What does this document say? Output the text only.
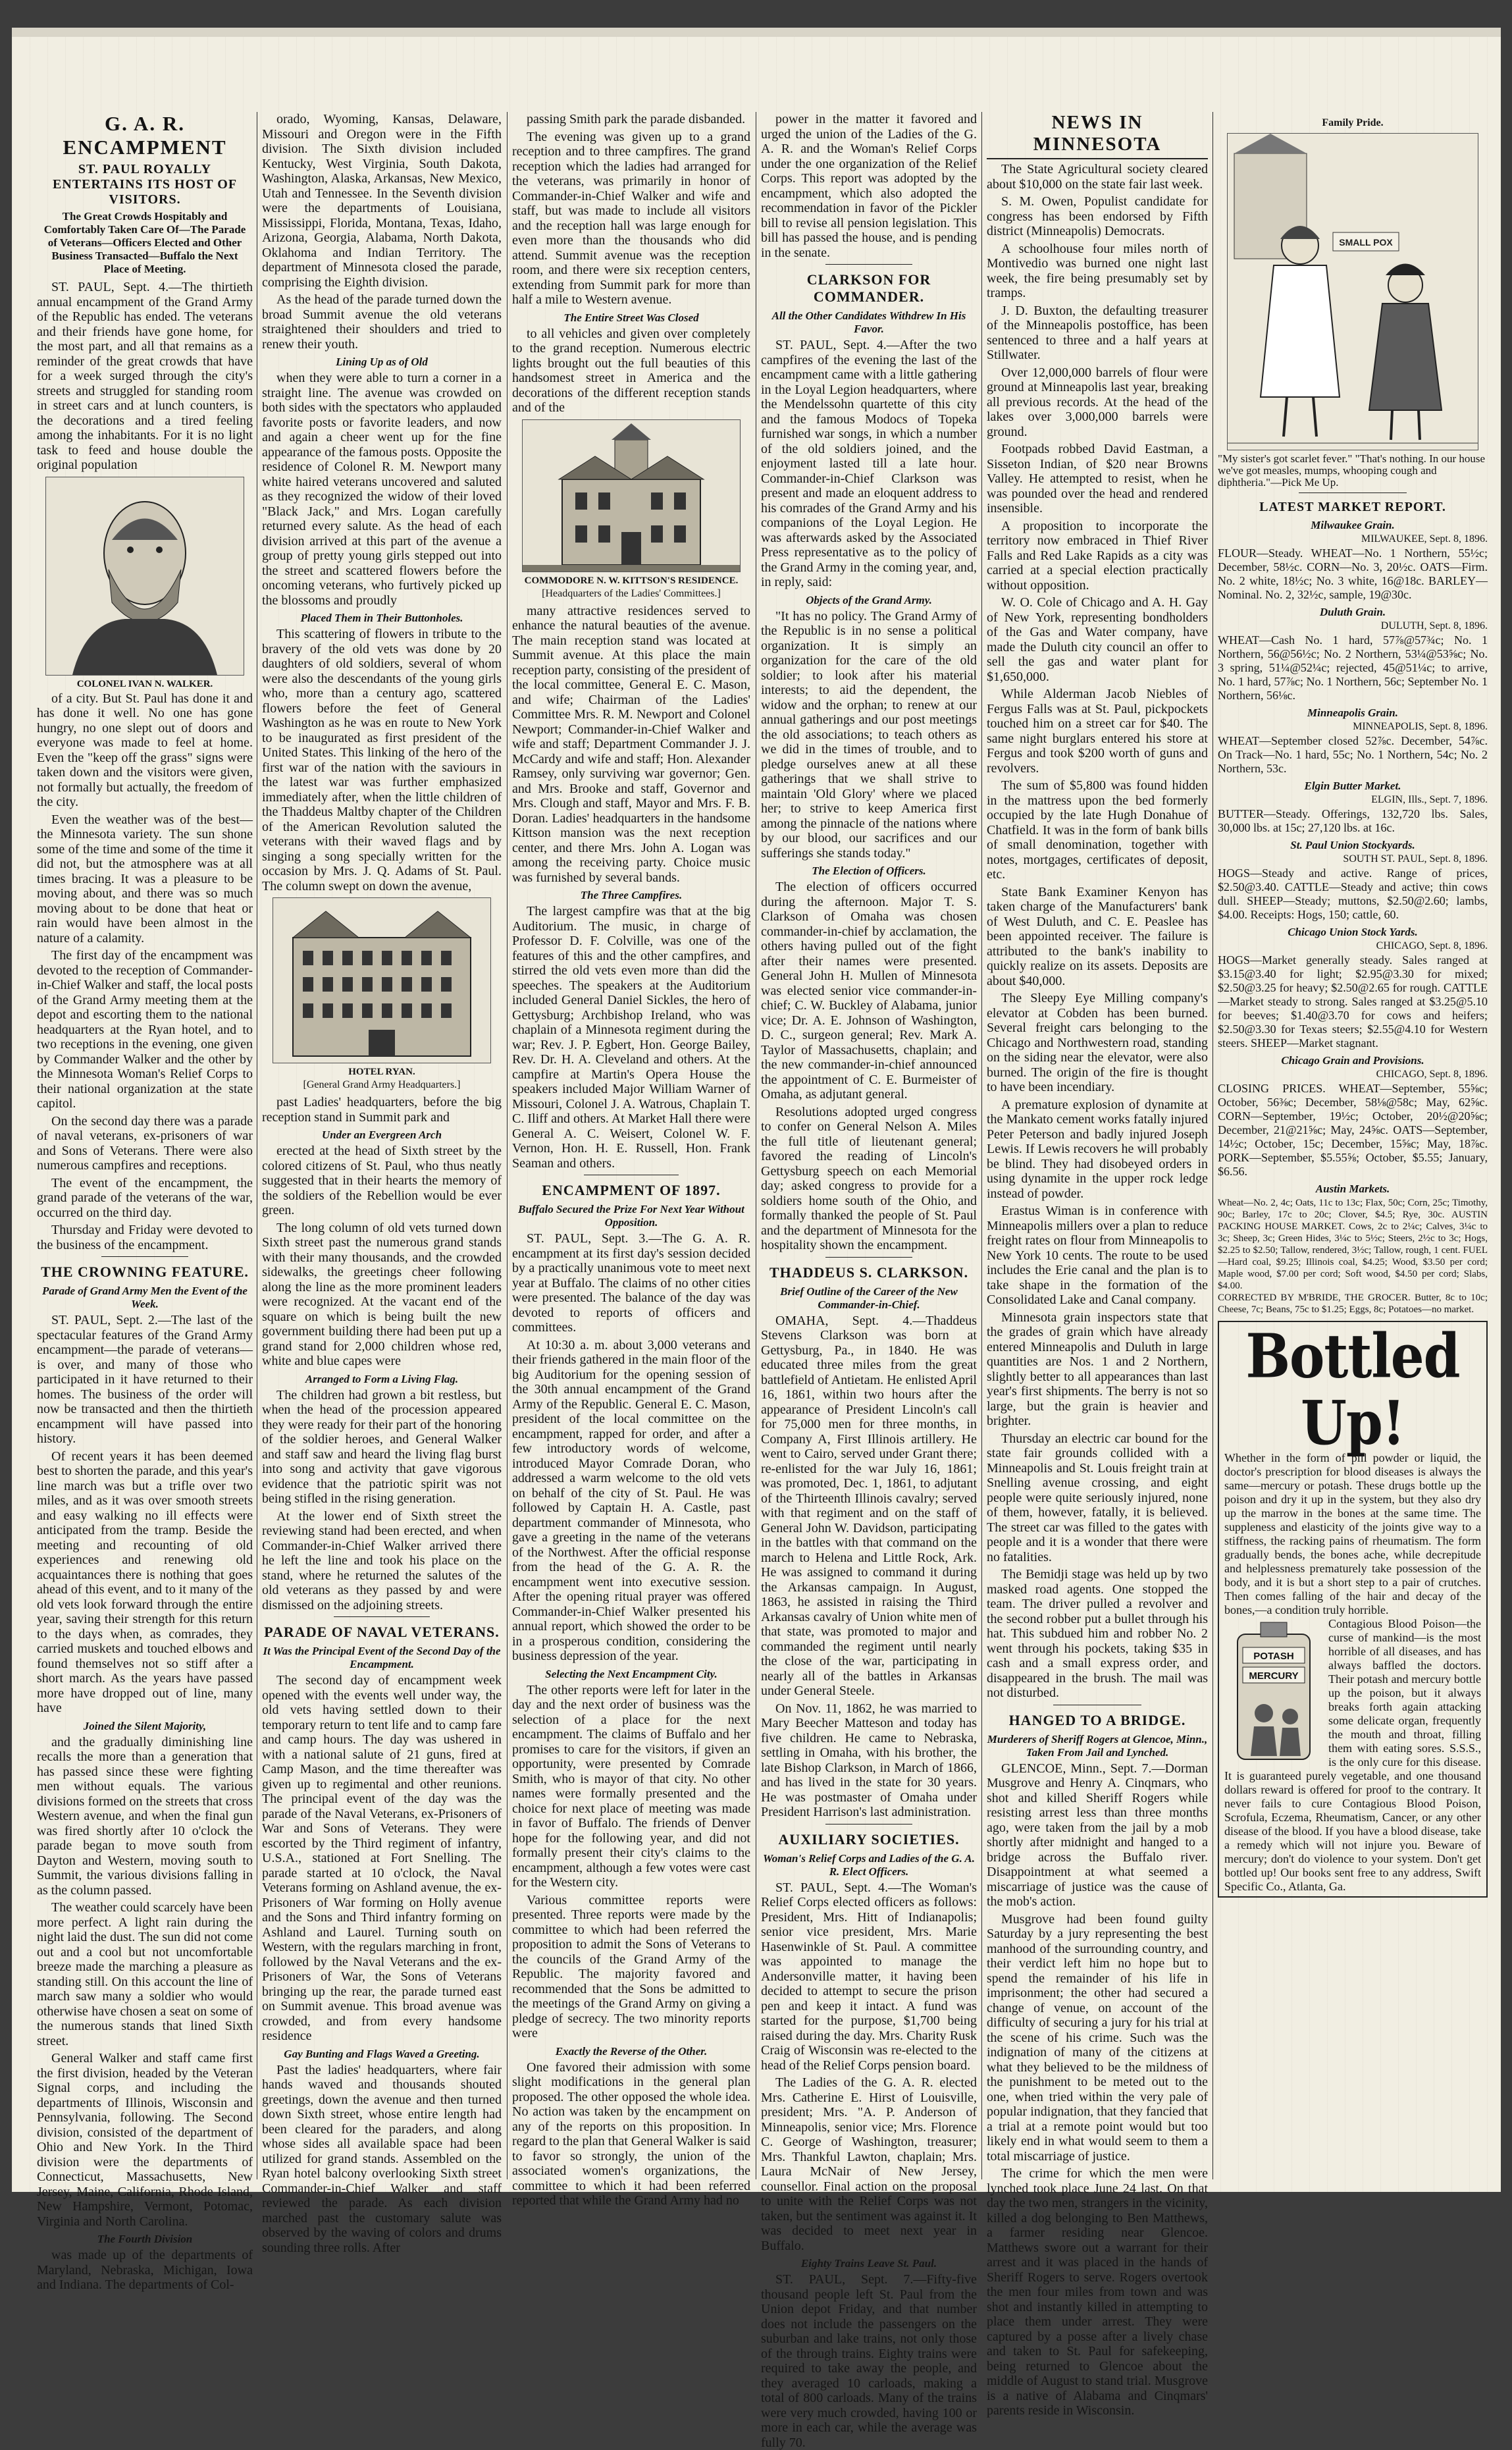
G. A. R. ENCAMPMENT
ST. PAUL ROYALLY ENTERTAINS ITS HOST OF VISITORS.
The Great Crowds Hospitably and Comfortably Taken Care Of—The Parade of Veterans—Officers Elected and Other Business Transacted—Buffalo the Next Place of Meeting.

ST. PAUL, Sept. 4.—The thirtieth annual encampment of the Grand Army of the Republic has ended. The veterans and their friends have gone home, for the most part, and all that remains as a reminder of the great crowds that have for a week surged through the city's streets and struggled for standing room in street cars and at lunch counters, is the decorations and a tired feeling among the inhabitants. For it is no light task to feed and house double the original population

COLONEL IVAN N. WALKER.

of a city. But St. Paul has done it and has done it well. No one has gone hungry, no one slept out of doors and everyone was made to feel at home. Even the "keep off the grass" signs were taken down and the visitors were given, not formally but actually, the freedom of the city.

Even the weather was of the best—the Minnesota variety. The sun shone some of the time and some of the time it did not, but the atmosphere was at all times bracing. It was a pleasure to be moving about, and there was so much moving about to be done that heat or rain would have been almost in the nature of a calamity.

The first day of the encampment was devoted to the reception of Commander-in-Chief Walker and staff, the local posts of the Grand Army meeting them at the depot and escorting them to the national headquarters at the Ryan hotel, and to two receptions in the evening, one given by Commander Walker and the other by the Minnesota Woman's Relief Corps to their national organization at the state capitol.

On the second day there was a parade of naval veterans, ex-prisoners of war and Sons of Veterans. There were also numerous campfires and receptions.

The event of the encampment, the grand parade of the veterans of the war, occurred on the third day.

Thursday and Friday were devoted to the business of the encampment.

THE CROWNING FEATURE.
Parade of Grand Army Men the Event of the Week.

ST. PAUL, Sept. 2.—The last of the spectacular features of the Grand Army encampment—the parade of veterans—is over, and many of those who participated in it have returned to their homes. The business of the order will now be transacted and then the thirtieth encampment will have passed into history.

Of recent years it has been deemed best to shorten the parade, and this year's line march was but a trifle over two miles, and as it was over smooth streets and easy walking no ill effects were anticipated from the tramp. Beside the meeting and recounting of old experiences and renewing old acquaintances there is nothing that goes ahead of this event, and to it many of the old vets look forward through the entire year, saving their strength for this return to the days when, as comrades, they carried muskets and touched elbows and found themselves not so stiff after a short march. As the years have passed more have dropped out of line, many have

Joined the Silent Majority,

and the gradually diminishing line recalls the more than a generation that has passed since these were fighting men without equals. The various divisions formed on the streets that cross Western avenue, and when the final gun was fired shortly after 10 o'clock the parade began to move south from Dayton and Western, moving south to Summit, the various divisions falling in as the column passed.

The weather could scarcely have been more perfect. A light rain during the night laid the dust. The sun did not come out and a cool but not uncomfortable breeze made the marching a pleasure as standing still. On this account the line of march saw many a soldier who would otherwise have chosen a seat on some of the numerous stands that lined Sixth street.

General Walker and staff came first the first division, headed by the Veteran Signal corps, and including the departments of Illinois, Wisconsin and Pennsylvania, following. The Second division, consisted of the department of Ohio and New York. In the Third division were the departments of Connecticut, Massachusetts, New Jersey, Maine, California, Rhode Island, New Hampshire, Vermont, Potomac, Virginia and North Carolina.

The Fourth Division

was made up of the departments of Maryland, Nebraska, Michigan, Iowa and Indiana. The departments of Col-

orado, Wyoming, Kansas, Delaware, Missouri and Oregon were in the Fifth division. The Sixth division included Kentucky, West Virginia, South Dakota, Washington, Alaska, Arkansas, New Mexico, Utah and Tennessee. In the Seventh division were the departments of Louisiana, Mississippi, Florida, Montana, Texas, Idaho, Arizona, Georgia, Alabama, North Dakota, Oklahoma and Indian Territory. The department of Minnesota closed the parade, comprising the Eighth division.

As the head of the parade turned down the broad Summit avenue the old veterans straightened their shoulders and tried to renew their youth.

Lining Up as of Old

when they were able to turn a corner in a straight line. The avenue was crowded on both sides with the spectators who applauded favorite posts or favorite leaders, and now and again a cheer went up for the fine appearance of the famous posts. Opposite the residence of Colonel R. M. Newport many white haired veterans uncovered and saluted as they recognized the widow of their loved "Black Jack," and Mrs. Logan carefully returned every salute. As the head of each division arrived at this part of the avenue a group of pretty young girls stepped out into the street and scattered flowers before the oncoming veterans, who furtively picked up the blossoms and proudly

Placed Them in Their Buttonholes.

This scattering of flowers in tribute to the bravery of the old vets was done by 20 daughters of old soldiers, several of whom were also the descendants of the young girls who, more than a century ago, scattered flowers before the feet of General Washington as he was en route to New York to be inaugurated as first president of the United States. This linking of the hero of the first war of the nation with the saviours in the latest war was further emphasized immediately after, when the little children of the Thaddeus Maltby chapter of the Children of the American Revolution saluted the veterans with their waved flags and by singing a song specially written for the occasion by Mrs. J. Q. Adams of St. Paul. The column swept on down the avenue,

HOTEL RYAN.
[General Grand Army Headquarters.]

past Ladies' headquarters, before the big reception stand in Summit park and

Under an Evergreen Arch

erected at the head of Sixth street by the colored citizens of St. Paul, who thus neatly suggested that in their hearts the memory of the soldiers of the Rebellion would be ever green.

The long column of old vets turned down Sixth street past the numerous grand stands with their many thousands, and the crowded sidewalks, the greetings cheer following along the line as the more prominent leaders were recognized. At the vacant end of the square on which is being built the new government building there had been put up a grand stand for 2,000 children whose red, white and blue capes were

Arranged to Form a Living Flag.

The children had grown a bit restless, but when the head of the procession appeared they were ready for their part of the honoring of the soldier heroes, and General Walker and staff saw and heard the living flag burst into song and activity that gave vigorous evidence that the patriotic spirit was not being stifled in the rising generation.

At the lower end of Sixth street the reviewing stand had been erected, and when Commander-in-Chief Walker arrived there he left the line and took his place on the stand, where he returned the salutes of the old veterans as they passed by and were dismissed on the adjoining streets.

PARADE OF NAVAL VETERANS.
It Was the Principal Event of the Second Day of the Encampment.

The second day of encampment week opened with the events well under way, the old vets having settled down to their temporary return to tent life and to camp fare and camp hours. The day was ushered in with a national salute of 21 guns, fired at Camp Mason, and the time thereafter was given up to regimental and other reunions. The principal event of the day was the parade of the Naval Veterans, ex-Prisoners of War and Sons of Veterans. They were escorted by the Third regiment of infantry, U.S.A., stationed at Fort Snelling. The parade started at 10 o'clock, the Naval Veterans forming on Ashland avenue, the ex-Prisoners of War forming on Holly avenue and the Sons and Third infantry forming on Ashland and Laurel. Turning south on Western, with the regulars marching in front, followed by the Naval Veterans and the ex-Prisoners of War, the Sons of Veterans bringing up the rear, the parade turned east on Summit avenue. This broad avenue was crowded, and from every handsome residence

Gay Bunting and Flags Waved a Greeting.

Past the ladies' headquarters, where fair hands waved and thousands shouted greetings, down the avenue and then turned down Sixth street, whose entire length had been cleared for the paraders, and along whose sides all available space had been utilized for grand stands. Assembled on the Ryan hotel balcony overlooking Sixth street Commander-in-Chief Walker and staff reviewed the parade. As each division marched past the customary salute was observed by the waving of colors and drums sounding three rolls. After

passing Smith park the parade disbanded.

The evening was given up to a grand reception and to three campfires. The grand reception which the ladies had arranged for the veterans, was primarily in honor of Commander-in-Chief Walker and wife and staff, but was made to include all visitors and the reception hall was large enough for even more than the thousands who did attend. Summit avenue was the reception room, and there were six reception centers, extending from Summit park for more than half a mile to Western avenue.

The Entire Street Was Closed

to all vehicles and given over completely to the grand reception. Numerous electric lights brought out the full beauties of this handsomest street in America and the decorations of the different reception stands and of the

COMMODORE N. W. KITTSON'S RESIDENCE.
[Headquarters of the Ladies' Committees.]

many attractive residences served to enhance the natural beauties of the avenue. The main reception stand was located at Summit avenue. At this place the main reception party, consisting of the president of the local committee, General E. C. Mason, and wife; Chairman of the Ladies' Committee Mrs. R. M. Newport and Colonel Newport; Commander-in-Chief Walker and wife and staff; Department Commander J. J. McCardy and wife and staff; Hon. Alexander Ramsey, only surviving war governor; Gen. and Mrs. Brooke and staff, Governor and Mrs. Clough and staff, Mayor and Mrs. F. B. Doran. Ladies' headquarters in the handsome Kittson mansion was the next reception center, and there Mrs. John A. Logan was among the receiving party. Choice music was furnished by several bands.

The Three Campfires.

The largest campfire was that at the big Auditorium. The music, in charge of Professor D. F. Colville, was one of the features of this and the other campfires, and stirred the old vets even more than did the speeches. The speakers at the Auditorium included General Daniel Sickles, the hero of Gettysburg; Archbishop Ireland, who was chaplain of a Minnesota regiment during the war; Rev. J. P. Egbert, Hon. George Bailey, Rev. Dr. H. A. Cleveland and others. At the campfire at Martin's Opera House the speakers included Major William Warner of Missouri, Colonel J. A. Watrous, Chaplain T. C. Iliff and others. At Market Hall there were General A. C. Weisert, Colonel W. F. Vernon, Hon. H. E. Russell, Hon. Frank Seaman and others.

ENCAMPMENT OF 1897.
Buffalo Secured the Prize For Next Year Without Opposition.

ST. PAUL, Sept. 3.—The G. A. R. encampment at its first day's session decided by a practically unanimous vote to meet next year at Buffalo. The claims of no other cities were presented. The balance of the day was devoted to reports of officers and committees.

At 10:30 a. m. about 3,000 veterans and their friends gathered in the main floor of the big Auditorium for the opening session of the 30th annual encampment of the Grand Army of the Republic. General E. C. Mason, president of the local committee on the encampment, rapped for order, and after a few introductory words of welcome, introduced Mayor Comrade Doran, who addressed a warm welcome to the old vets on behalf of the city of St. Paul. He was followed by Captain H. A. Castle, past department commander of Minnesota, who gave a greeting in the name of the veterans of the Northwest. After the official response from the head of the G. A. R. the encampment went into executive session. After the opening ritual prayer was offered Commander-in-Chief Walker presented his annual report, which showed the order to be in a prosperous condition, considering the business depression of the year.

Selecting the Next Encampment City.

The other reports were left for later in the day and the next order of business was the selection of a place for the next encampment. The claims of Buffalo and her promises to care for the visitors, if given an opportunity, were presented by Comrade Smith, who is mayor of that city. No other names were formally presented and the choice for next place of meeting was made in favor of Buffalo. The friends of Denver hope for the following year, and did not formally present their city's claims to the encampment, although a few votes were cast for the Western city.

Various committee reports were presented. Three reports were made by the committee to which had been referred the proposition to admit the Sons of Veterans to the councils of the Grand Army of the Republic. The majority favored and recommended that the Sons be admitted to the meetings of the Grand Army on giving a pledge of secrecy. The two minority reports were

Exactly the Reverse of the Other.

One favored their admission with some slight modifications in the general plan proposed. The other opposed the whole idea. No action was taken by the encampment on any of the reports on this proposition. In regard to the plan that General Walker is said to favor so strongly, the union of the associated women's organizations, the committee to which it had been referred reported that while the Grand Army had no

power in the matter it favored and urged the union of the Ladies of the G. A. R. and the Woman's Relief Corps under the one organization of the Relief Corps. This report was adopted by the encampment, which also adopted the recommendation in favor of the Pickler bill to revise all pension legislation. This bill has passed the house, and is pending in the senate.

CLARKSON FOR COMMANDER.
All the Other Candidates Withdrew In His Favor.

ST. PAUL, Sept. 4.—After the two campfires of the evening the last of the encampment came with a little gathering in the Loyal Legion headquarters, where the Mendelssohn quartette of this city and the famous Modocs of Topeka furnished war songs, in which a number of the old soldiers joined, and the enjoyment lasted till a late hour. Commander-in-Chief Clarkson was present and made an eloquent address to his comrades of the Grand Army and his companions of the Loyal Legion. He was afterwards asked by the Associated Press representative as to the policy of the Grand Army in the coming year, and, in reply, said:

Objects of the Grand Army.

"It has no policy. The Grand Army of the Republic is in no sense a political organization. It is simply an organization for the care of the old soldier; to look after his material interests; to aid the dependent, the widow and the orphan; to renew at our annual gatherings and our post meetings the old associations; to teach others as we did in the times of trouble, and to pledge ourselves anew at all these gatherings that we shall strive to maintain 'Old Glory' where we placed her; to strive to keep America first among the pinnacle of the nations where by our blood, our sacrifices and our sufferings she stands today."

The Election of Officers.

The election of officers occurred during the afternoon. Major T. S. Clarkson of Omaha was chosen commander-in-chief by acclamation, the others having pulled out of the fight after their names were presented. General John H. Mullen of Minnesota was elected senior vice commander-in-chief; C. W. Buckley of Alabama, junior vice; Dr. A. E. Johnson of Washington, D. C., surgeon general; Rev. Mark A. Taylor of Massachusetts, chaplain; and the new commander-in-chief announced the appointment of C. E. Burmeister of Omaha, as adjutant general.

Resolutions adopted urged congress to confer on General Nelson A. Miles the full title of lieutenant general; favored the reading of Lincoln's Gettysburg speech on each Memorial day; asked congress to provide for a soldiers home south of the Ohio, and formally thanked the people of St. Paul and the department of Minnesota for the hospitality shown the encampment.

THADDEUS S. CLARKSON.
Brief Outline of the Career of the New Commander-in-Chief.

OMAHA, Sept. 4.—Thaddeus Stevens Clarkson was born at Gettysburg, Pa., in 1840. He was educated three miles from the great battlefield of Antietam. He enlisted April 16, 1861, within two hours after the appearance of President Lincoln's call for 75,000 men for three months, in Company A, First Illinois artillery. He went to Cairo, served under Grant there; re-enlisted for the war July 16, 1861; was promoted, Dec. 1, 1861, to adjutant of the Thirteenth Illinois cavalry; served with that regiment and on the staff of General John W. Davidson, participating in the battles with that command on the march to Helena and Little Rock, Ark. He was assigned to command it during the Arkansas campaign. In August, 1863, he assisted in raising the Third Arkansas cavalry of Union white men of that state, was promoted to major and commanded the regiment until nearly the close of the war, participating in nearly all of the battles in Arkansas under General Steele.

On Nov. 11, 1862, he was married to Mary Beecher Matteson and today has five children. He came to Nebraska, settling in Omaha, with his brother, the late Bishop Clarkson, in March of 1866, and has lived in the state for 30 years. He was postmaster of Omaha under President Harrison's last administration.

AUXILIARY SOCIETIES.
Woman's Relief Corps and Ladies of the G. A. R. Elect Officers.

ST. PAUL, Sept. 4.—The Woman's Relief Corps elected officers as follows: President, Mrs. Hitt of Indianapolis; senior vice president, Mrs. Marie Hasenwinkle of St. Paul. A committee was appointed to manage the Andersonville matter, it having been decided to attempt to secure the prison pen and keep it intact. A fund was started for the purpose, $1,700 being raised during the day. Mrs. Charity Rusk Craig of Wisconsin was re-elected to the head of the Relief Corps pension board.

The Ladies of the G. A. R. elected Mrs. Catherine E. Hirst of Louisville, president; Mrs. "A. P. Anderson of Minneapolis, senior vice; Mrs. Florence C. George of Washington, treasurer; Mrs. Thankful Lawton, chaplain; Mrs. Laura McNair of New Jersey, counsellor. Final action on the proposal to unite with the Relief Corps was not taken, but the sentiment was against it. It was decided to meet next year in Buffalo.

Eighty Trains Leave St. Paul.

ST. PAUL, Sept. 7.—Fifty-five thousand people left St. Paul from the Union depot Friday, and that number does not include the passengers on the suburban and lake trains, not only those of the through trains. Eighty trains were required to take away the people, and they averaged 10 carloads, making a total of 800 carloads. Many of the trains were very much crowded, having 100 or more in each car, while the average was fully 70.

NEWS IN MINNESOTA

The State Agricultural society cleared about $10,000 on the state fair last week.

S. M. Owen, Populist candidate for congress has been endorsed by Fifth district (Minneapolis) Democrats.

A schoolhouse four miles north of Montivedio was burned one night last week, the fire being presumably set by tramps.

J. D. Buxton, the defaulting treasurer of the Minneapolis postoffice, has been sentenced to three and a half years at Stillwater.

Over 12,000,000 barrels of flour were ground at Minneapolis last year, breaking all previous records. At the head of the lakes over 3,000,000 barrels were ground.

Footpads robbed David Eastman, a Sisseton Indian, of $20 near Browns Valley. He attempted to resist, when he was pounded over the head and rendered insensible.

A proposition to incorporate the territory now embraced in Thief River Falls and Red Lake Rapids as a city was carried at a special election practically without opposition.

W. O. Cole of Chicago and A. H. Gay of New York, representing bondholders of the Gas and Water company, have made the Duluth city council an offer to sell the gas and water plant for $1,650,000.

While Alderman Jacob Niebles of Fergus Falls was at St. Paul, pickpockets touched him on a street car for $40. The same night burglars entered his store at Fergus and took $200 worth of guns and revolvers.

The sum of $5,800 was found hidden in the mattress upon the bed formerly occupied by the late Hugh Donahue of Chatfield. It was in the form of bank bills of small denomination, together with notes, mortgages, certificates of deposit, etc.

State Bank Examiner Kenyon has taken charge of the Manufacturers' bank of West Duluth, and C. E. Peaslee has been appointed receiver. The failure is attributed to the bank's inability to quickly realize on its assets. Deposits are about $40,000.

The Sleepy Eye Milling company's elevator at Cobden has been burned. Several freight cars belonging to the Chicago and Northwestern road, standing on the siding near the elevator, were also burned. The origin of the fire is thought to have been incendiary.

A premature explosion of dynamite at the Mankato cement works fatally injured Peter Peterson and badly injured Joseph Lewis. If Lewis recovers he will probably be blind. They had disobeyed orders in using dynamite in the upper rock ledge instead of powder.

Erastus Wiman is in conference with Minneapolis millers over a plan to reduce freight rates on flour from Minneapolis to New York 10 cents. The route to be used includes the Erie canal and the plan is to take shape in the formation of the Consolidated Lake and Canal company.

Minnesota grain inspectors state that the grades of grain which have already entered Minneapolis and Duluth in large quantities are Nos. 1 and 2 Northern, slightly better to all appearances than last year's first shipments. The berry is not so large, but the grain is heavier and brighter.

Thursday an electric car bound for the state fair grounds collided with a Minneapolis and St. Louis freight train at Snelling avenue crossing, and eight people were quite seriously injured, none of them, however, fatally, it is believed. The street car was filled to the gates with people and it is a wonder that there were no fatalities.

The Bemidji stage was held up by two masked road agents. One stopped the team. The driver pulled a revolver and the second robber put a bullet through his hat. This subdued him and robber No. 2 went through his pockets, taking $35 in cash and a small express order, and disappeared in the brush. The mail was not disturbed.

HANGED TO A BRIDGE.
Murderers of Sheriff Rogers at Glencoe, Minn., Taken From Jail and Lynched.

GLENCOE, Minn., Sept. 7.—Dorman Musgrove and Henry A. Cinqmars, who shot and killed Sheriff Rogers while resisting arrest less than three months ago, were taken from the jail by a mob shortly after midnight and hanged to a bridge across the Buffalo river. Disappointment at what seemed a miscarriage of justice was the cause of the mob's action.

Musgrove had been found guilty Saturday by a jury representing the best manhood of the surrounding country, and their verdict left him no hope but to spend the remainder of his life in imprisonment; the other had secured a change of venue, on account of the difficulty of securing a jury for his trial at the scene of his crime. Such was the indignation of many of the citizens at what they believed to be the mildness of the punishment to be meted out to the one, when tried within the very pale of popular indignation, that they fancied that a trial at a remote point would but too likely end in what would seem to them a total miscarriage of justice.

The crime for which the men were lynched took place June 24 last. On that day the two men, strangers in the vicinity, killed a dog belonging to Ben Matthews, a farmer residing near Glencoe. Matthews swore out a warrant for their arrest and it was placed in the hands of Sheriff Rogers to serve. Rogers overtook the men four miles from town and was shot and instantly killed in attempting to place them under arrest. They were captured by a posse after a lively chase and taken to St. Paul for safekeeping, being returned to Glencoe about the middle of August to stand trial. Musgrove is a native of Alabama and Cinqmars' parents reside in Wisconsin.

Family Pride.
SMALL POX
"My sister's got scarlet fever." "That's nothing. In our house we've got measles, mumps, whooping cough and diphtheria."—Pick Me Up.
LATEST MARKET REPORT.
Milwaukee Grain.
MILWAUKEE, Sept. 8, 1896.

FLOUR—Steady. WHEAT—No. 1 Northern, 55½c; December, 58½c. CORN—No. 3, 20½c. OATS—Firm. No. 2 white, 18½c; No. 3 white, 16@18c. BARLEY—Nominal. No. 2, 32½c, sample, 19@30c.

Duluth Grain.
DULUTH, Sept. 8, 1896.

WHEAT—Cash No. 1 hard, 57⅞@57¾c; No. 1 Northern, 56@56½c; No. 2 Northern, 53¼@53⅝c; No. 3 spring, 51¼@52¼c; rejected, 45@51¼c; to arrive, No. 1 hard, 57⅞c; No. 1 Northern, 56c; September No. 1 Northern, 56⅛c.

Minneapolis Grain.
MINNEAPOLIS, Sept. 8, 1896.

WHEAT—September closed 52⅞c. December, 54⅞c. On Track—No. 1 hard, 55c; No. 1 Northern, 54c; No. 2 Northern, 53c.

Elgin Butter Market.
ELGIN, Ills., Sept. 7, 1896.

BUTTER—Steady. Offerings, 132,720 lbs. Sales, 30,000 lbs. at 15c; 27,120 lbs. at 16c.

St. Paul Union Stockyards.
SOUTH ST. PAUL, Sept. 8, 1896.

HOGS—Steady and active. Range of prices, $2.50@3.40. CATTLE—Steady and active; thin cows dull. SHEEP—Steady; muttons, $2.50@2.60; lambs, $4.00. Receipts: Hogs, 150; cattle, 60.

Chicago Union Stock Yards.
CHICAGO, Sept. 8, 1896.

HOGS—Market generally steady. Sales ranged at $3.15@3.40 for light; $2.95@3.30 for mixed; $2.50@3.25 for heavy; $2.50@2.65 for rough. CATTLE—Market steady to strong. Sales ranged at $3.25@5.10 for beeves; $1.40@3.70 for cows and heifers; $2.50@3.30 for Texas steers; $2.55@4.10 for Western steers. SHEEP—Market stagnant.

Chicago Grain and Provisions.
CHICAGO, Sept. 8, 1896.

CLOSING PRICES. WHEAT—September, 55⅝c; October, 56⅜c; December, 58⅛@58c; May, 62⅝c. CORN—September, 19½c; October, 20½@20⅝c; December, 21@21⅝c; May, 24⅝c. OATS—September, 14½c; October, 15c; December, 15⅝c; May, 18⅞c. PORK—September, $5.55⅝; October, $5.55; January, $6.56.

Austin Markets.

Wheat—No. 2, 4c; Oats, 11c to 13c; Flax, 50c; Corn, 25c; Timothy, 90c; Barley, 17c to 20c; Clover, $4.5; Rye, 30c. AUSTIN PACKING HOUSE MARKET. Cows, 2c to 2¼c; Calves, 3¼c to 3c; Sheep, 3c; Green Hides, 3¼c to 5½c; Steers, 2½c to 3c; Hogs, $2.25 to $2.50; Tallow, rendered, 3½c; Tallow, rough, 1 cent. FUEL—Hard coal, $9.25; Illinois coal, $4.25; Wood, $3.50 per cord; Maple wood, $7.00 per cord; Soft wood, $4.50 per cord; Slabs, $4.00.

CORRECTED BY M'BRIDE, THE GROCER. Butter, 8c to 10c; Cheese, 7c; Beans, 75c to $1.25; Eggs, 8c; Potatoes—no market.

Bottled Up!

Whether in the form of pill powder or liquid, the doctor's prescription for blood diseases is always the same—mercury or potash. These drugs bottle up the poison and dry it up in the system, but they also dry up the marrow in the bones at the same time. The suppleness and elasticity of the joints give way to a stiffness, the racking pains of rheumatism. The form gradually bends, the bones ache, while decrepitude and helplessness prematurely take possession of the body, and it is but a short step to a pair of crutches. Then comes falling of the hair and decay of the bones,—a condition truly horrible.

POTASH
MERCURY

Contagious Blood Poison—the curse of mankind—is the most horrible of all diseases, and has always baffled the doctors. Their potash and mercury bottle up the poison, but it always breaks forth again attacking some delicate organ, frequently the mouth and throat, filling them with eating sores. S.S.S., is the only cure for this disease. It is guaranteed purely vegetable, and one thousand dollars reward is offered for proof to the contrary. It never fails to cure Contagious Blood Poison, Scrofula, Eczema, Rheumatism, Cancer, or any other disease of the blood. If you have a blood disease, take a remedy which will not injure you. Beware of mercury; don't do violence to your system. Don't get bottled up! Our books sent free to any address, Swift Specific Co., Atlanta, Ga.
